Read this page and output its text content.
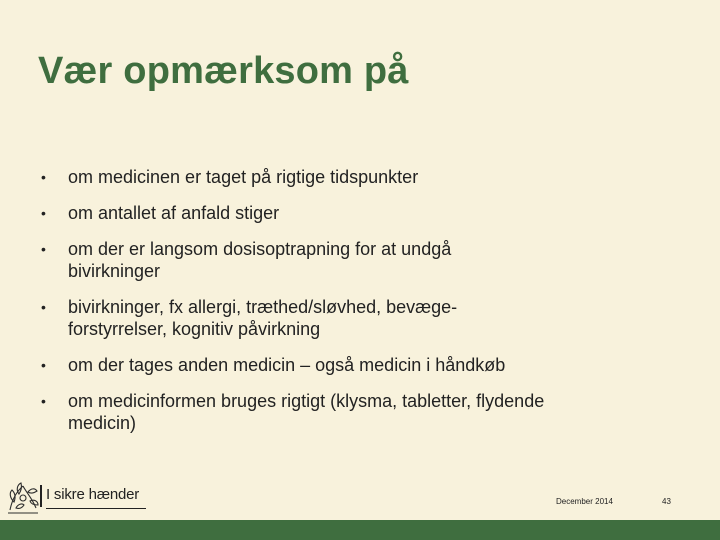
Vær opmærksom på
• om medicinen er taget på rigtige tidspunkter
• om antallet af anfald stiger
• om der er langsom dosisoptrapning for at undgå bivirkninger
• bivirkninger, fx allergi, træthed/sløvhed, bevæge-forstyrrelser, kognitiv påvirkning
• om der tages anden medicin – også medicin i håndkøb
• om medicinformen bruges rigtigt (klysma, tabletter, flydende medicin)
I sikre hænder	December 2014	43
